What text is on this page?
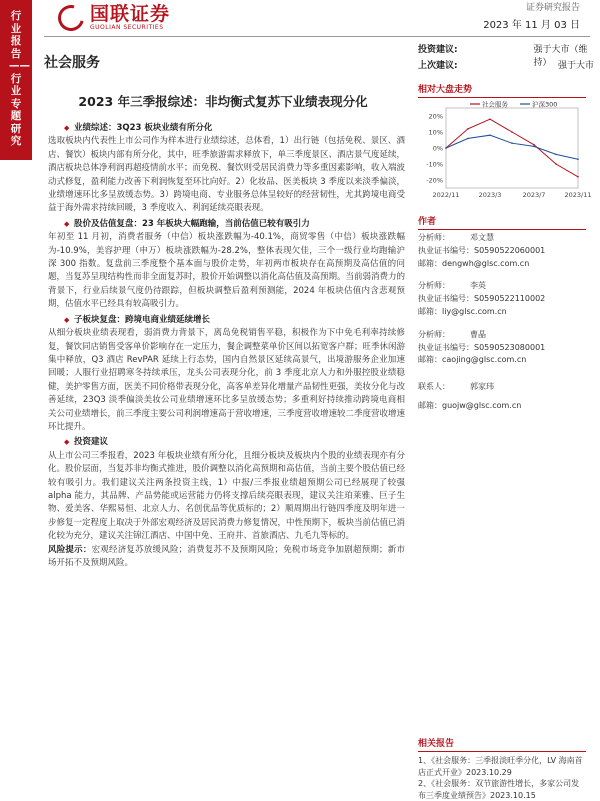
行业报告——行业专题研究
国联证券
GUOLIAN SECURITIES
证券研究报告
2023 年 11 月 03 日
社会服务
投资建议:	强于大市（维持）
上次建议:	强于大市
2023 年三季报综述：非均衡式复苏下业绩表现分化
◆ 业绩综述：3Q23 板块业绩有所分化
选取板块内代表性上市公司作为样本进行业绩综述，总体看，1）出行链（包括免税、景区、酒店、餐饮）板块内部有所分化，其中，旺季旅游需求释放下，单三季度景区、酒店景气度延续，酒店板块总体净利润再超疫情前水平；而免税、餐饮则受居民消费力等多重因素影响，收入端波动式修复，盈利能力改善下利润恢复至环比向好。2）化妆品、医美板块 3 季度以来淡季偏淡，业绩增速环比多呈放缓态势。3）跨境电商、专业服务总体呈较好的经营韧性，尤其跨境电商受益于海外需求持续回暖，3 季度收入、利润延续亮眼表现。
◆ 股价及估值复盘：23 年板块大幅跑输，当前估值已较有吸引力
年初至 11 月初，消费者服务（中信）板块涨跌幅为-40.1%，商贸零售（中信）板块涨跌幅为-10.9%，美容护理（申万）板块涨跌幅为-28.2%，整体表现欠佳，三个一级行业均跑输沪深 300 指数。复盘前三季度整个基本面与股价走势，年初两市板块存在高预期及高估值的问题，当复苏呈现结构性而非全面复苏时，股价开始调整以消化高估值及高预期。当前弱消费力的背景下，行业后续景气度仍待跟踪，但板块调整后盈利预测能，2024 年板块估值内含悲观预期，估值水平已经具有较高吸引力。
◆ 子板块复盘：跨境电商业绩延续增长
从细分板块业绩表现看，弱消费力背景下，离岛免税销售平稳，积极作为下中免毛利率持续修复，餐饮同店销售受客单价影响存在一定压力，餐企调整菜单价区间以拓宽客户群；旺季休闲游集中释放，Q3 酒店 RevPAR 延续上行态势，国内自然景区延续高景气，出境游服务企业加速回暖；人服行业招聘寒冬持续承压，龙头公司表现分化，前 3 季度北京人力和外服控股业绩稳健，美护零售方面，医美不同价格带表现分化，高客单差异化增量产品韧性更强，美妆分化与改善延续，23Q3 淡季偏淡美妆公司业绩增速环比多呈放缓态势；多重利好持续推动跨境电商相关公司业绩增长，前三季度主要公司利润增速高于营收增速，三季度营收增速较二季度营收增速环比提升。
◆ 投资建议
从上市公司三季报看，2023 年板块业绩有所分化，且细分板块及板块内个股的业绩表现亦有分化。股价层面，当复苏非均衡式推进，股价调整以消化高预期和高估值，当前主要个股估值已经较有吸引力。我们建议关注两条投资主线，1）中报/三季报业绩超预期公司已经展现了较强 alpha 能力，其品牌、产品势能或运营能力仍将支撑后续亮眼表现，建议关注珀莱雅、巨子生物、爱美客、华熙易恒、北京人力、名创优品等优质标的；2）顺周期出行链四季度及明年进一步修复一定程度上取决于外部宏观经济及居民消费力修复情况，中性预期下，板块当前估值已消化较为充分，建议关注锦江酒店、中国中免、王府井、首旅酒店、九毛九等标的。
风险提示：宏观经济复苏放缓风险；消费复苏不及预期风险；免税市场竞争加剧超预期；新市场开拓不及预期风险。
相对大盘走势
20%
10%
0%
-10%
-20%
2022/11	2023/3	2023/7	2023/11
社会服务	沪深300
作者
分析师：	邓文慧
执业证书编号： S0590522060001
邮箱： dengwh@glsc.com.cn
分析师：	李英
执业证书编号： S0590522110002
邮箱： liy@glsc.com.cn
分析师：	曹晶
执业证书编号： S0590523080001
邮箱： caojing@glsc.com.cn
联系人：	郭家玮
邮箱： guojw@glsc.com.cn
相关报告
1、《社会服务：三季报淡旺季分化，LV 海南首店正式开业》2023.10.29
2、《社会服务：双节旅游性增长，多家公司发布三季度业绩预告》2023.10.15
